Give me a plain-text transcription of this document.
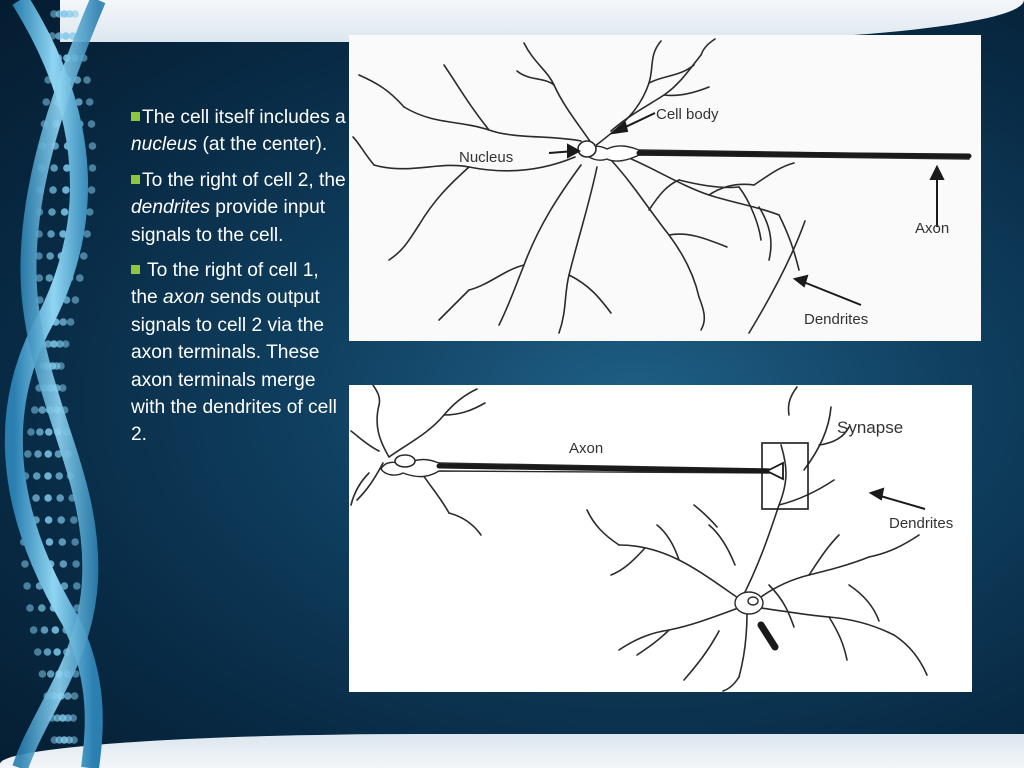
The cell itself includes a nucleus (at the center).
To the right of cell 2, the dendrites provide input signals to the cell.
To the right of cell 1, the axon sends output signals to cell 2 via the axon terminals. These axon terminals merge with the dendrites of cell 2.
Cell body
Nucleus
Axon
Dendrites
Axon
Synapse
Dendrites
